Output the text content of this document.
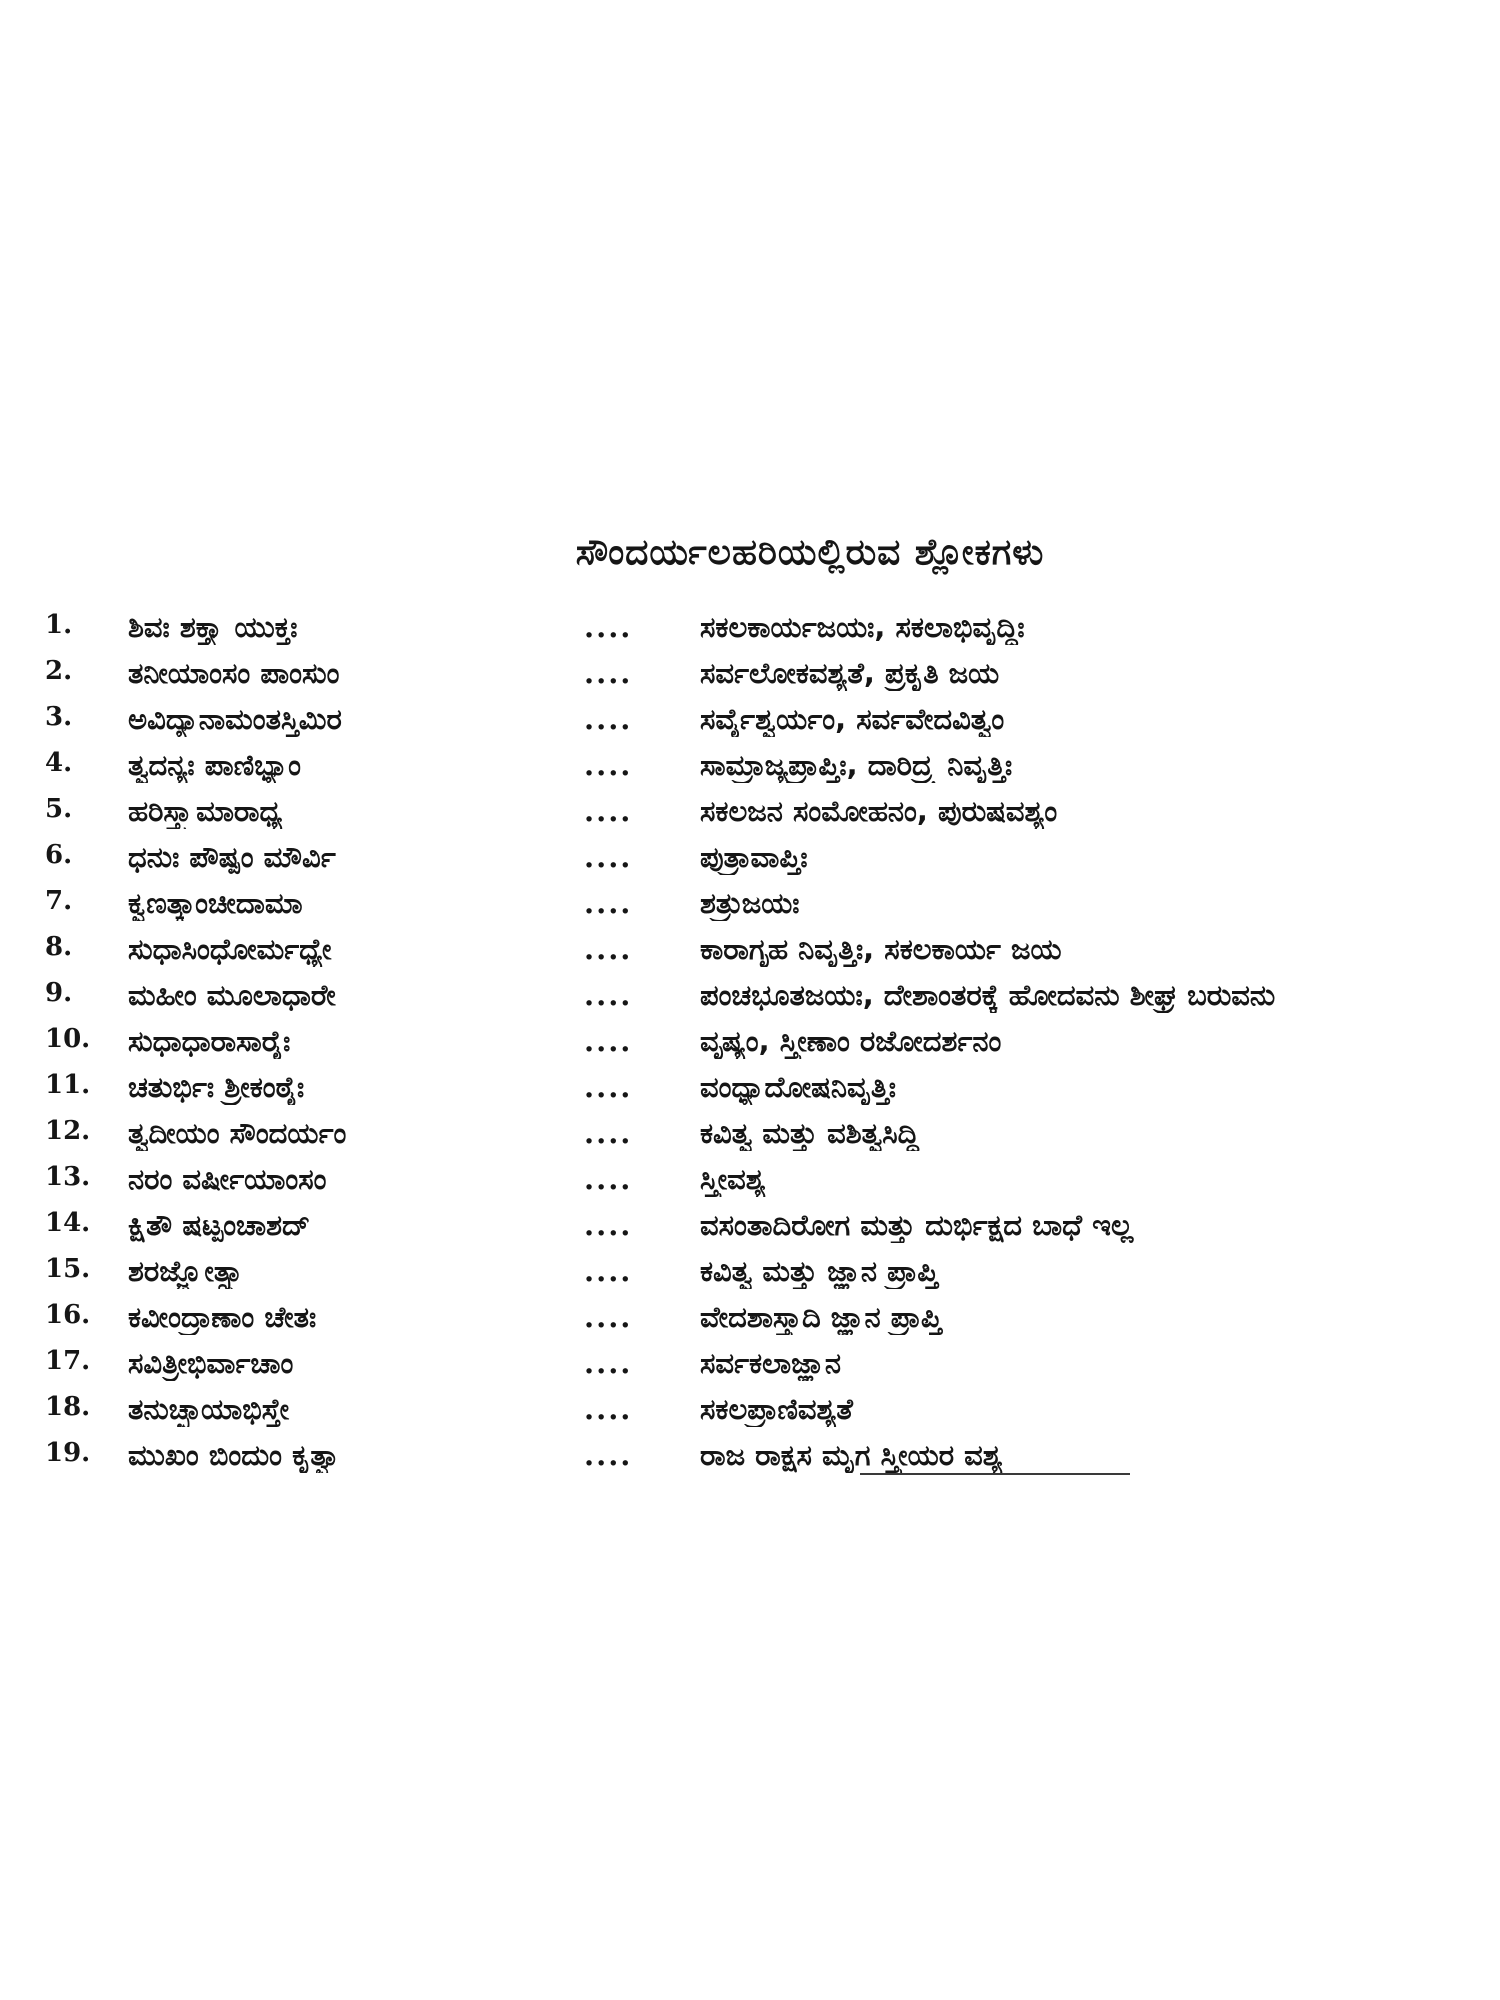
ಸೌಂದರ್ಯಲಹರಿಯಲ್ಲಿರುವ ಶ್ಲೋಕಗಳು
1.	ಶಿವಃ ಶಕ್ತ್ಯಾ ಯುಕ್ತಃ	....	ಸಕಲಕಾರ್ಯಜಯಃ, ಸಕಲಾಭಿವೃದ್ಧಿಃ
2.	ತನೀಯಾಂಸಂ ಪಾಂಸುಂ	....	ಸರ್ವಲೋಕವಶ್ಯತೆ, ಪ್ರಕೃತಿ ಜಯ
3.	ಅವಿದ್ಯಾನಾಮಂತಸ್ತಿಮಿರ	....	ಸರ್ವೈಶ್ವರ್ಯಂ, ಸರ್ವವೇದವಿತ್ವಂ
4.	ತ್ವದನ್ಯಃ ಪಾಣಿಭ್ಯಾಂ	....	ಸಾಮ್ರಾಜ್ಯಪ್ರಾಪ್ತಿಃ, ದಾರಿದ್ರ್ಯ ನಿವೃತ್ತಿಃ
5.	ಹರಿಸ್ತ್ವಾಮಾರಾಧ್ಯ	....	ಸಕಲಜನ ಸಂಮೋಹನಂ, ಪುರುಷವಶ್ಯಂ
6.	ಧನುಃ ಪೌಷ್ಪಂ ಮೌರ್ವಿ	....	ಪುತ್ರಾವಾಪ್ತಿಃ
7.	ಕ್ವಣತ್ಕಾಂಚೀದಾಮಾ	....	ಶತ್ರುಜಯಃ
8.	ಸುಧಾಸಿಂಧೋರ್ಮಧ್ಯೇ	....	ಕಾರಾಗೃಹ ನಿವೃತ್ತಿಃ, ಸಕಲಕಾರ್ಯ ಜಯ
9.	ಮಹೀಂ ಮೂಲಾಧಾರೇ	....	ಪಂಚಭೂತಜಯಃ, ದೇಶಾಂತರಕ್ಕೆ ಹೋದವನು ಶೀಘ್ರ ಬರುವನು
10.	ಸುಧಾಧಾರಾಸಾರೈಃ	....	ವೃಷ್ಯಂ, ಸ್ತ್ರೀಣಾಂ ರಜೋದರ್ಶನಂ
11.	ಚತುರ್ಭಿಃ ಶ್ರೀಕಂಠೈಃ	....	ವಂಧ್ಯಾದೋಷನಿವೃತ್ತಿಃ
12.	ತ್ವದೀಯಂ ಸೌಂದರ್ಯಂ	....	ಕವಿತ್ವ ಮತ್ತು ವಶಿತ್ವಸಿದ್ಧಿ
13.	ನರಂ ವರ್ಷೀಯಾಂಸಂ	....	ಸ್ತ್ರೀವಶ್ಯ
14.	ಕ್ಷಿತೌ ಷಟ್ಪಂಚಾಶದ್	....	ವಸಂತಾದಿರೋಗ ಮತ್ತು ದುರ್ಭಿಕ್ಷದ ಬಾಧೆ ಇಲ್ಲ
15.	ಶರಜ್ಜ್ಯೋತ್ಸ್ನಾ	....	ಕವಿತ್ವ ಮತ್ತು ಜ್ಞಾನ ಪ್ರಾಪ್ತಿ
16.	ಕವೀಂದ್ರಾಣಾಂ ಚೇತಃ	....	ವೇದಶಾಸ್ತ್ರಾದಿ ಜ್ಞಾನ ಪ್ರಾಪ್ತಿ
17.	ಸವಿತ್ರೀಭಿರ್ವಾಚಾಂ	....	ಸರ್ವಕಲಾಜ್ಞಾನ
18.	ತನುಚ್ಛಾಯಾಭಿಸ್ತೇ	....	ಸಕಲಪ್ರಾಣಿವಶ್ಯತೆ
19.	ಮುಖಂ ಬಿಂದುಂ ಕೃತ್ವಾ	....	ರಾಜ ರಾಕ್ಷಸ ಮೃಗ ಸ್ತ್ರೀಯರ ವಶ್ಯ
